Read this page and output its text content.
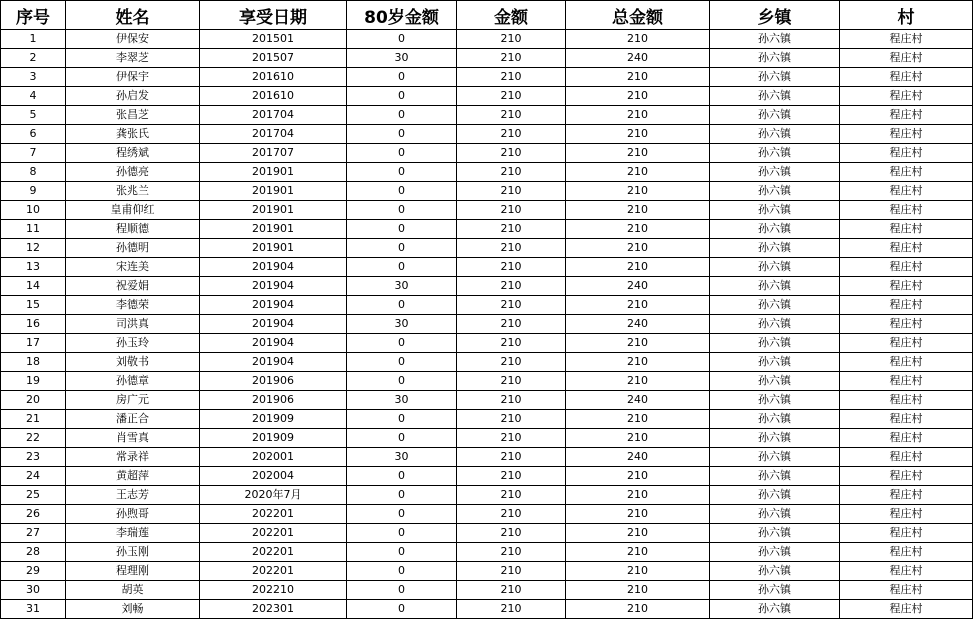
序号	姓名	享受日期	80岁金额	金额	总金额	乡镇	村
1	伊保安	201501	0	210	210	孙六镇	程庄村
2	李翠芝	201507	30	210	240	孙六镇	程庄村
3	伊保宇	201610	0	210	210	孙六镇	程庄村
4	孙启发	201610	0	210	210	孙六镇	程庄村
5	张昌芝	201704	0	210	210	孙六镇	程庄村
6	龚张氏	201704	0	210	210	孙六镇	程庄村
7	程绣斌	201707	0	210	210	孙六镇	程庄村
8	孙德亮	201901	0	210	210	孙六镇	程庄村
9	张兆兰	201901	0	210	210	孙六镇	程庄村
10	皇甫仰红	201901	0	210	210	孙六镇	程庄村
11	程顺德	201901	0	210	210	孙六镇	程庄村
12	孙德明	201901	0	210	210	孙六镇	程庄村
13	宋连美	201904	0	210	210	孙六镇	程庄村
14	祝爱娟	201904	30	210	240	孙六镇	程庄村
15	李德荣	201904	0	210	210	孙六镇	程庄村
16	司洪真	201904	30	210	240	孙六镇	程庄村
17	孙玉玲	201904	0	210	210	孙六镇	程庄村
18	刘敬书	201904	0	210	210	孙六镇	程庄村
19	孙德章	201906	0	210	210	孙六镇	程庄村
20	房广元	201906	30	210	240	孙六镇	程庄村
21	潘正合	201909	0	210	210	孙六镇	程庄村
22	肖雪真	201909	0	210	210	孙六镇	程庄村
23	常录祥	202001	30	210	240	孙六镇	程庄村
24	黄超萍	202004	0	210	210	孙六镇	程庄村
25	王志芳	2020年7月	0	210	210	孙六镇	程庄村
26	孙煦哥	202201	0	210	210	孙六镇	程庄村
27	李瑞莲	202201	0	210	210	孙六镇	程庄村
28	孙玉刚	202201	0	210	210	孙六镇	程庄村
29	程理刚	202201	0	210	210	孙六镇	程庄村
30	胡英	202210	0	210	210	孙六镇	程庄村
31	刘畅	202301	0	210	210	孙六镇	程庄村
